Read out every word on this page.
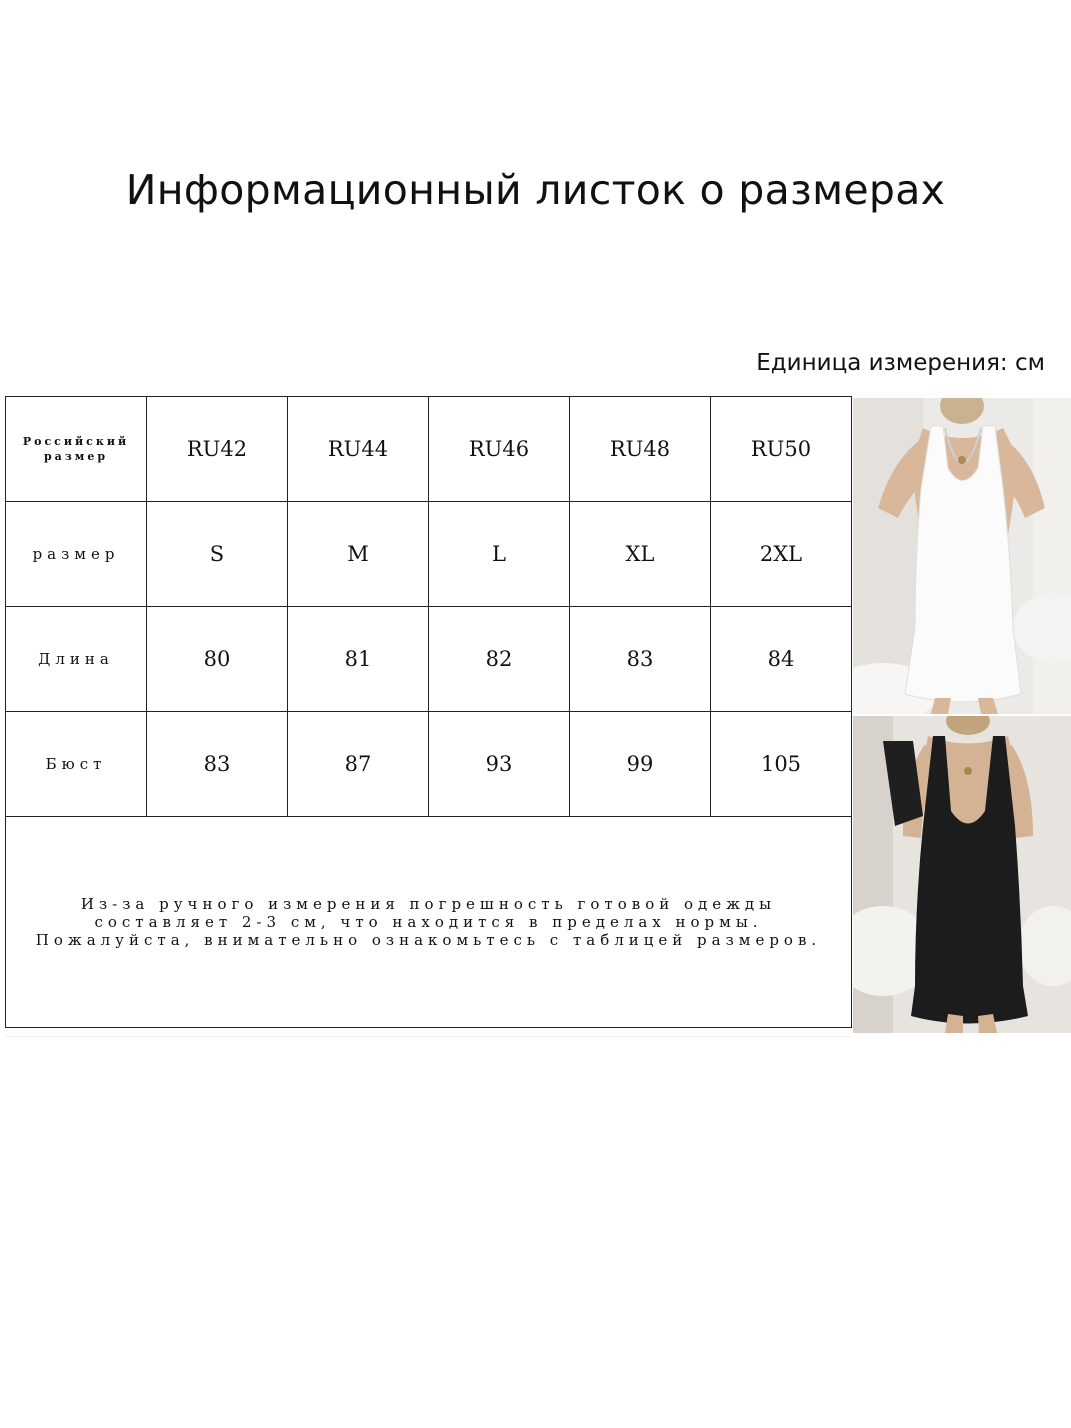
Информационный листок о размерах
Единица измерения: см
Российский размер	RU42	RU44	RU46	RU48	RU50
размер	S	M	L	XL	2XL
Длина	80	81	82	83	84
Бюст	83	87	93	99	105
Из-за ручного измерения погрешность готовой одежды составляет 2-3 см, что находится в пределах нормы. Пожалуйста, внимательно ознакомьтесь с таблицей размеров.					
